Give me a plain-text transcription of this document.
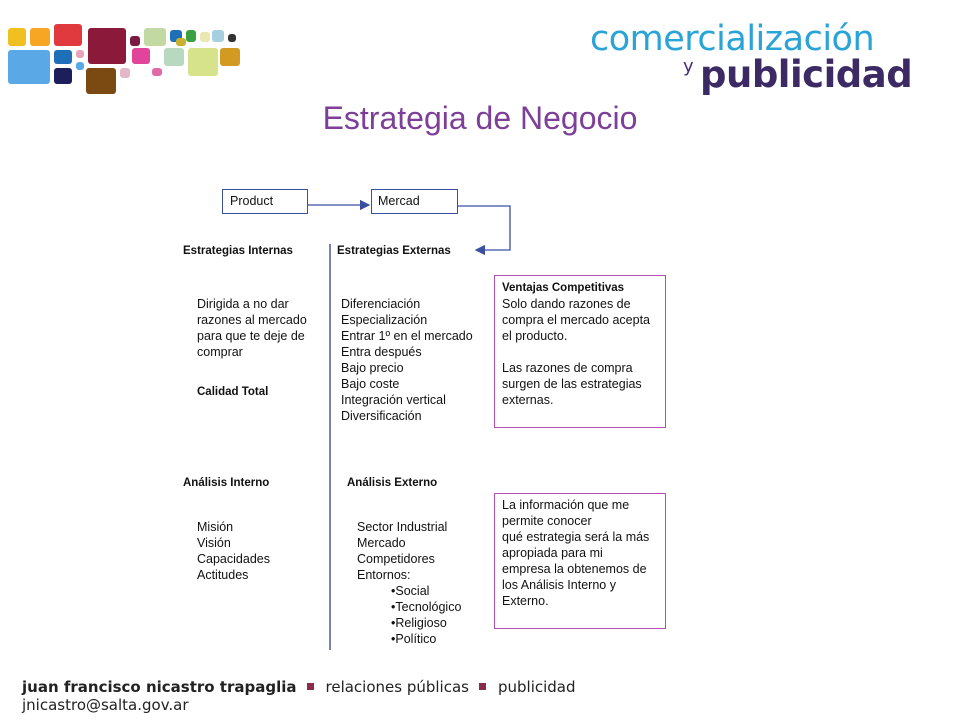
comercialización
y publicidad
Estrategia de Negocio
Product	Mercad
Estrategias Internas
Dirigida a no dar
razones al mercado
para que te deje de
comprar
Calidad Total
Estrategias Externas
Diferenciación
Especialización
Entrar 1º en el mercado
Entra después
Bajo precio
Bajo coste
Integración vertical
Diversificación
Ventajas Competitivas
Solo dando razones de
compra el mercado acepta
el producto.
Las razones de compra
surgen de las estrategias
externas.
Análisis Interno
Misión
Visión
Capacidades
Actitudes
Análisis Externo
Sector Industrial
Mercado
Competidores
Entornos:
•Social
•Tecnológico
•Religioso
•Político
La información que me
permite conocer
qué estrategia será la más
apropiada para mi
empresa la obtenemos de
los Análisis Interno y
Externo.
juan francisco nicastro trapaglia relaciones públicas publicidad
jnicastro@salta.gov.ar
